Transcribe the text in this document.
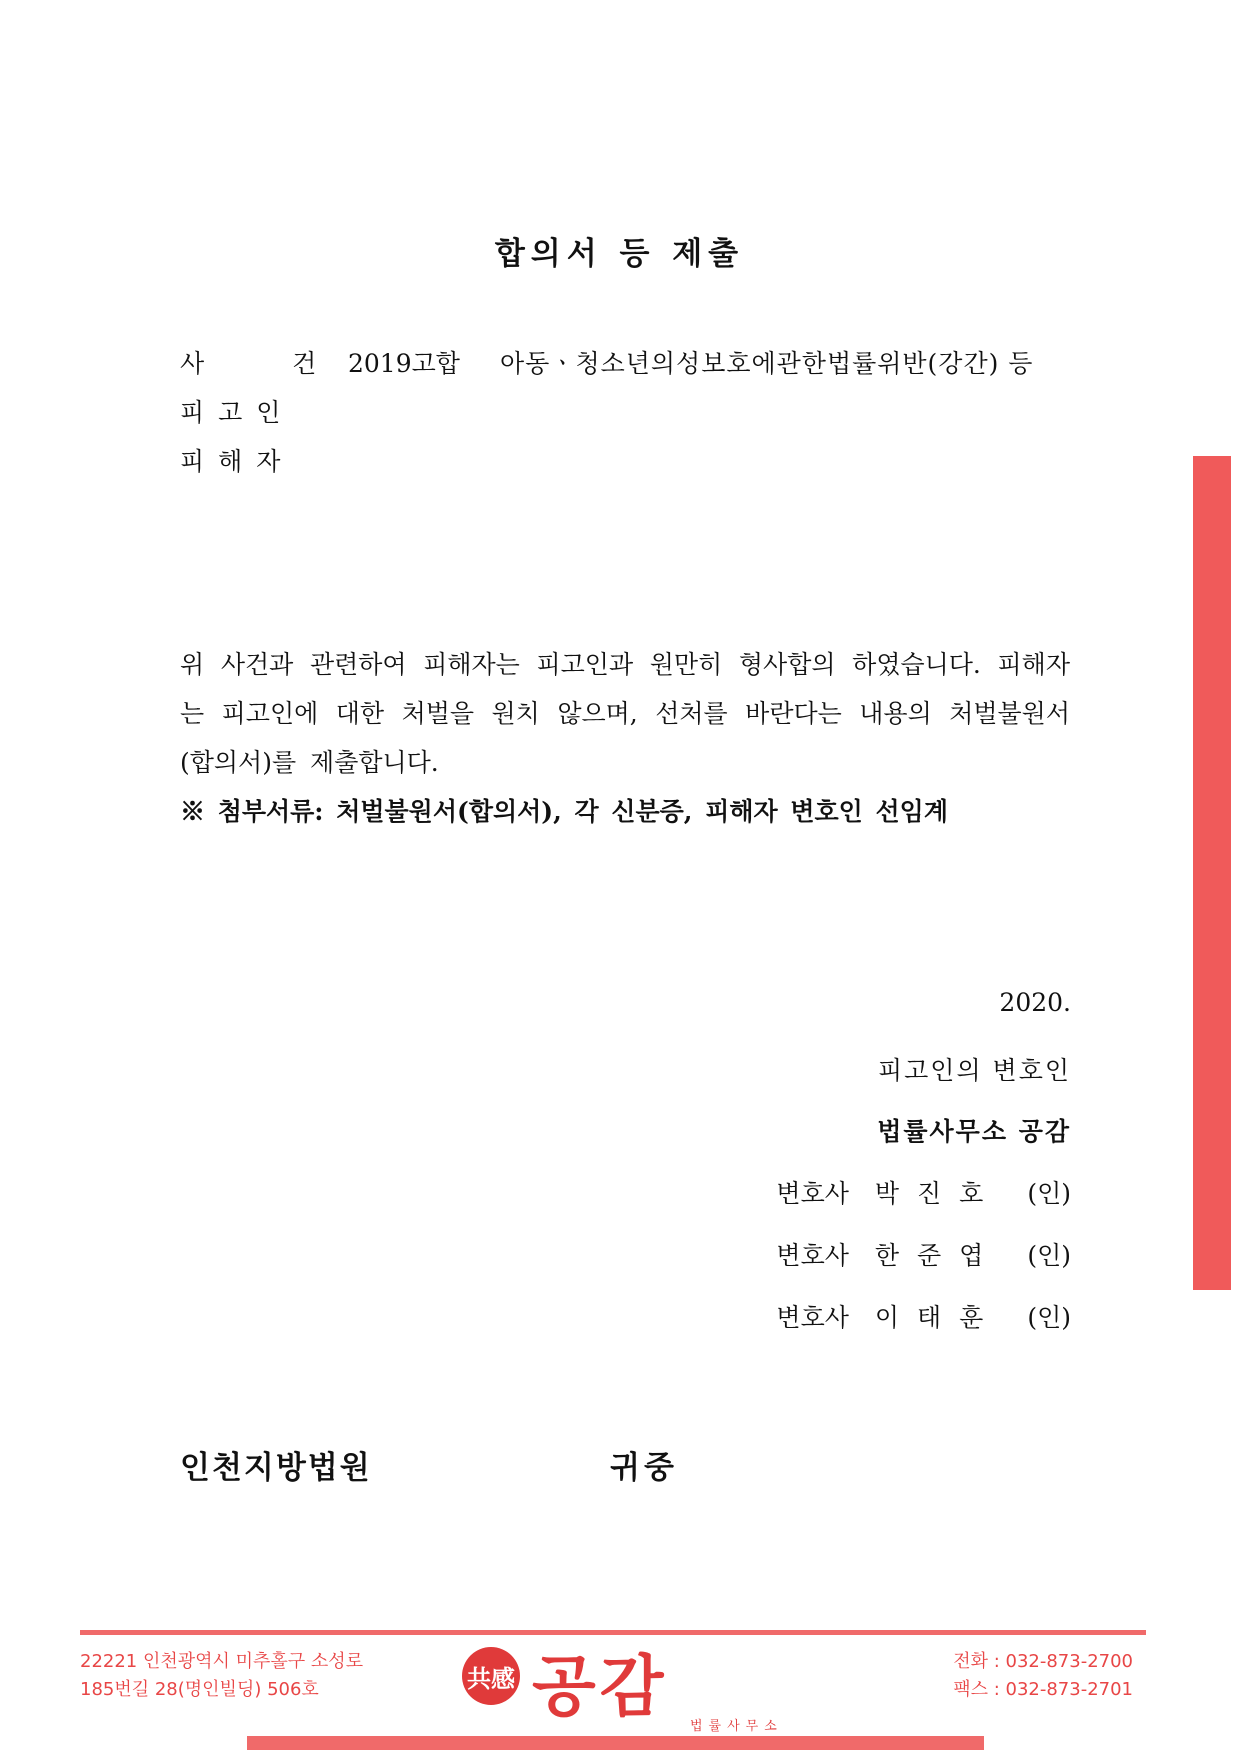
합의서 등 제출
사 건
2019고합 아동ㆍ청소년의성보호에관한법률위반(강간) 등
피고인
피해자
위 사건과 관련하여 피해자는 피고인과 원만히 형사합의 하였습니다. 피해자는 피고인에 대한 처벌을 원치 않으며, 선처를 바란다는 내용의 처벌불원서(합의서)를 제출합니다.
※ 첨부서류: 처벌불원서(합의서), 각 신분증, 피해자 변호인 선임계
2020.
피고인의 변호인
법률사무소 공감
변호사 박진호 (인)
변호사 한준엽 (인)
변호사 이태훈 (인)
인천지방법원	귀중
22221 인천광역시 미추홀구 소성로
185번길 28(명인빌딩) 506호	共感 공감
법률사무소
전화 : 032-873-2700
팩스 : 032-873-2701
